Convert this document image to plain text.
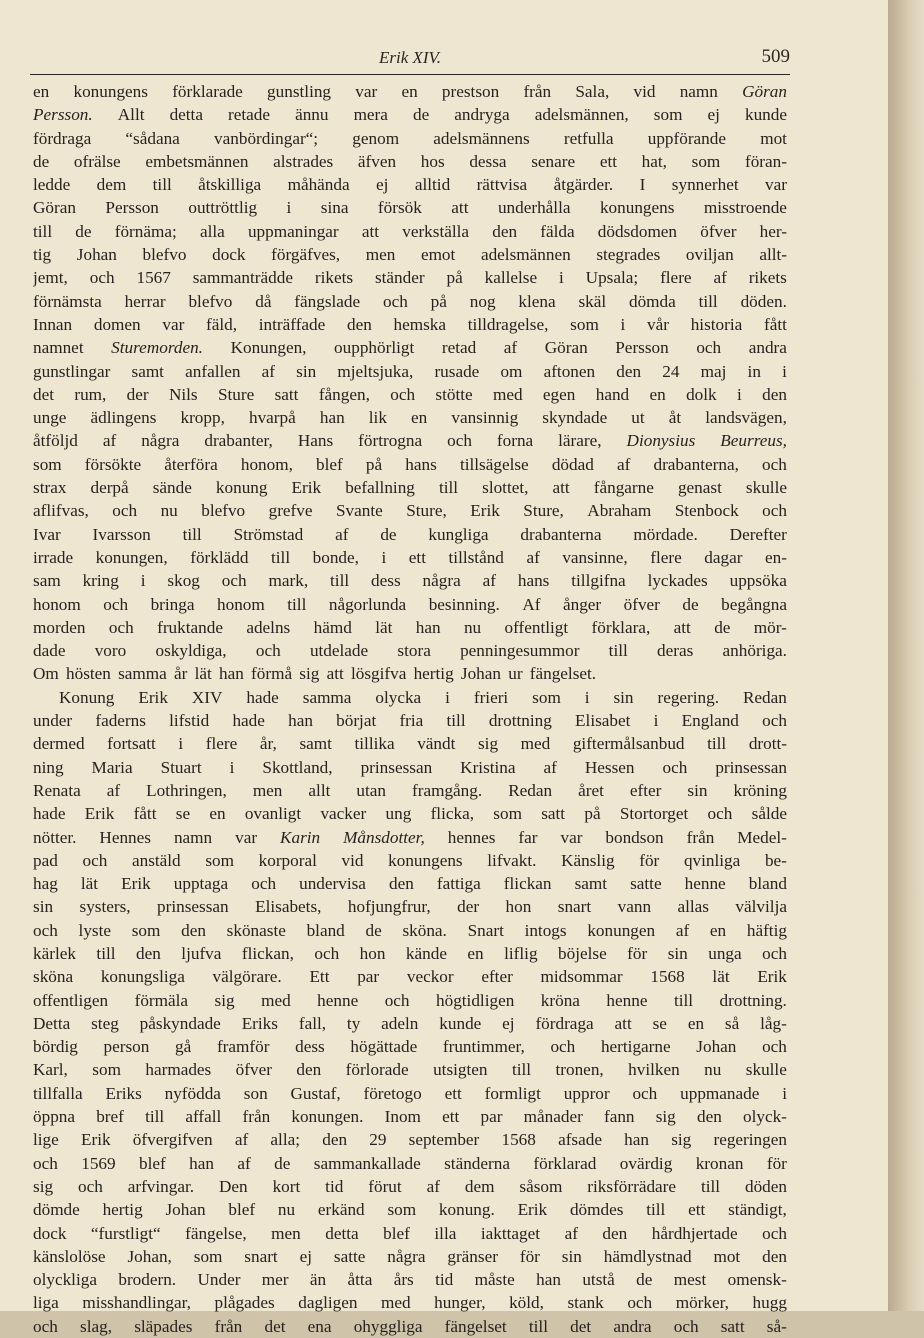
Erik XIV.	509
en konungens förklarade gunstling var en prestson från Sala, vid namn Göran
Persson. Allt detta retade ännu mera de andryga adelsmännen, som ej kunde
fördraga “sådana vanbördingar“; genom adelsmännens retfulla uppförande mot
de ofrälse embetsmännen alstrades äfven hos dessa senare ett hat, som föran-
ledde dem till åtskilliga måhända ej alltid rättvisa åtgärder. I synnerhet var
Göran Persson outtröttlig i sina försök att underhålla konungens misstroende
till de förnäma; alla uppmaningar att verkställa den fälda dödsdomen öfver her-
tig Johan blefvo dock förgäfves, men emot adelsmännen stegrades oviljan allt-
jemt, och 1567 sammanträdde rikets ständer på kallelse i Upsala; flere af rikets
förnämsta herrar blefvo då fängslade och på nog klena skäl dömda till döden.
Innan domen var fäld, inträffade den hemska tilldragelse, som i vår historia fått
namnet Sturemorden. Konungen, oupphörligt retad af Göran Persson och andra
gunstlingar samt anfallen af sin mjeltsjuka, rusade om aftonen den 24 maj in i
det rum, der Nils Sture satt fången, och stötte med egen hand en dolk i den
unge ädlingens kropp, hvarpå han lik en vansinnig skyndade ut åt landsvägen,
åtföljd af några drabanter, Hans förtrogna och forna lärare, Dionysius Beurreus,
som försökte återföra honom, blef på hans tillsägelse dödad af drabanterna, och
strax derpå sände konung Erik befallning till slottet, att fångarne genast skulle
aflifvas, och nu blefvo grefve Svante Sture, Erik Sture, Abraham Stenbock och
Ivar Ivarsson till Strömstad af de kungliga drabanterna mördade. Derefter
irrade konungen, förklädd till bonde, i ett tillstånd af vansinne, flere dagar en-
sam kring i skog och mark, till dess några af hans tillgifna lyckades uppsöka
honom och bringa honom till någorlunda besinning. Af ånger öfver de begångna
morden och fruktande adelns hämd lät han nu offentligt förklara, att de mör-
dade voro oskyldiga, och utdelade stora penningesummor till deras anhöriga.
Om hösten samma år lät han förmå sig att lösgifva hertig Johan ur fängelset.
Konung Erik XIV hade samma olycka i frieri som i sin regering. Redan
under faderns lifstid hade han börjat fria till drottning Elisabet i England och
dermed fortsatt i flere år, samt tillika vändt sig med giftermålsanbud till drott-
ning Maria Stuart i Skottland, prinsessan Kristina af Hessen och prinsessan
Renata af Lothringen, men allt utan framgång. Redan året efter sin kröning
hade Erik fått se en ovanligt vacker ung flicka, som satt på Stortorget och sålde
nötter. Hennes namn var Karin Månsdotter, hennes far var bondson från Medel-
pad och anstäld som korporal vid konungens lifvakt. Känslig för qvinliga be-
hag lät Erik upptaga och undervisa den fattiga flickan samt satte henne bland
sin systers, prinsessan Elisabets, hofjungfrur, der hon snart vann allas välvilja
och lyste som den skönaste bland de sköna. Snart intogs konungen af en häftig
kärlek till den ljufva flickan, och hon kände en liflig böjelse för sin unga och
sköna konungsliga välgörare. Ett par veckor efter midsommar 1568 lät Erik
offentligen förmäla sig med henne och högtidligen kröna henne till drottning.
Detta steg påskyndade Eriks fall, ty adeln kunde ej fördraga att se en så låg-
bördig person gå framför dess högättade fruntimmer, och hertigarne Johan och
Karl, som harmades öfver den förlorade utsigten till tronen, hvilken nu skulle
tillfalla Eriks nyfödda son Gustaf, företogo ett formligt uppror och uppmanade i
öppna bref till affall från konungen. Inom ett par månader fann sig den olyck-
lige Erik öfvergifven af alla; den 29 september 1568 afsade han sig regeringen
och 1569 blef han af de sammankallade ständerna förklarad ovärdig kronan för
sig och arfvingar. Den kort tid förut af dem såsom riksförrädare till döden
dömde hertig Johan blef nu erkänd som konung. Erik dömdes till ett ständigt,
dock “furstligt“ fängelse, men detta blef illa iakttaget af den hårdhjertade och
känslolöse Johan, som snart ej satte några gränser för sin hämdlystnad mot den
olyckliga brodern. Under mer än åtta års tid måste han utstå de mest omensk-
liga misshandlingar, plågades dagligen med hunger, köld, stank och mörker, hugg
och slag, släpades från det ena ohyggliga fängelset till det andra och satt så-
